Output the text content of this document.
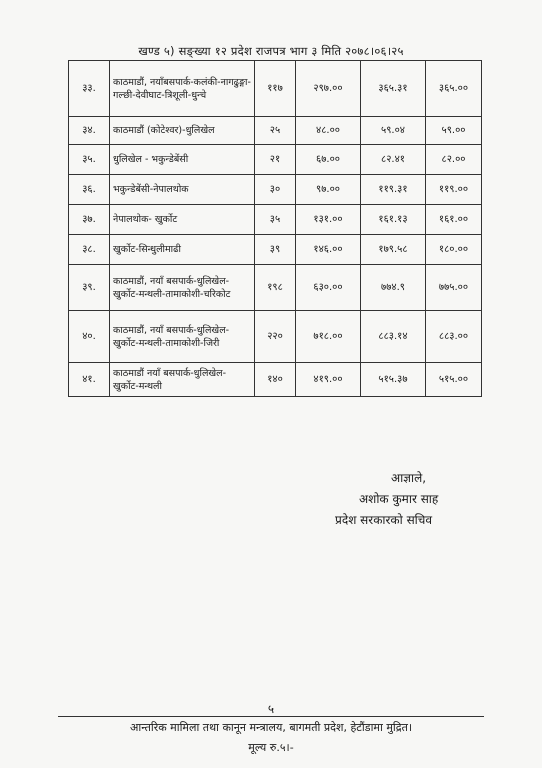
खण्ड ५) सङ्ख्या १२ प्रदेश राजपत्र भाग ३ मिति २०७८।०६।२५
३३.	काठमाडौं, नयाँबसपार्क-कलंकी-नागढुङ्गा-गल्छी-देवीघाट-त्रिशूली-धुन्चे	११७	२९७.००	३६५.३१	३६५.००
३४.	काठमाडौं (कोटेश्वर)-धुलिखेल	२५	४८.००	५९.०४	५९.००
३५.	धुलिखेल - भकुन्डेबेंसी	२१	६७.००	८२.४१	८२.००
३६.	भकुन्डेबेंसी-नेपालथोक	३०	९७.००	११९.३१	११९.००
३७.	नेपालथोक- खुर्कोट	३५	१३१.००	१६१.१३	१६१.००
३८.	खुर्कोट-सिन्धुलीमाढी	३९	१४६.००	१७९.५८	१८०.००
३९.	काठमाडौं, नयाँ बसपार्क-धुलिखेल-खुर्कोट-मन्थली-तामाकोशी-चरिकोट	१९८	६३०.००	७७४.९	७७५.००
४०.	काठमाडौं, नयाँ बसपार्क-धुलिखेल-खुर्कोट-मन्थली-तामाकोशी-जिरी	२२०	७१८.००	८८३.१४	८८३.००
४१.	काठमाडौं नयाँ बसपार्क-धुलिखेल-खुर्कोट-मन्थली	१४०	४१९.००	५१५.३७	५१५.००
आज्ञाले,
अशोक कुमार साह
प्रदेश सरकारको सचिव
५
आन्तरिक मामिला तथा कानून मन्त्रालय, बागमती प्रदेश, हेटौंडामा मुद्रित।
मूल्य रु.५।-
